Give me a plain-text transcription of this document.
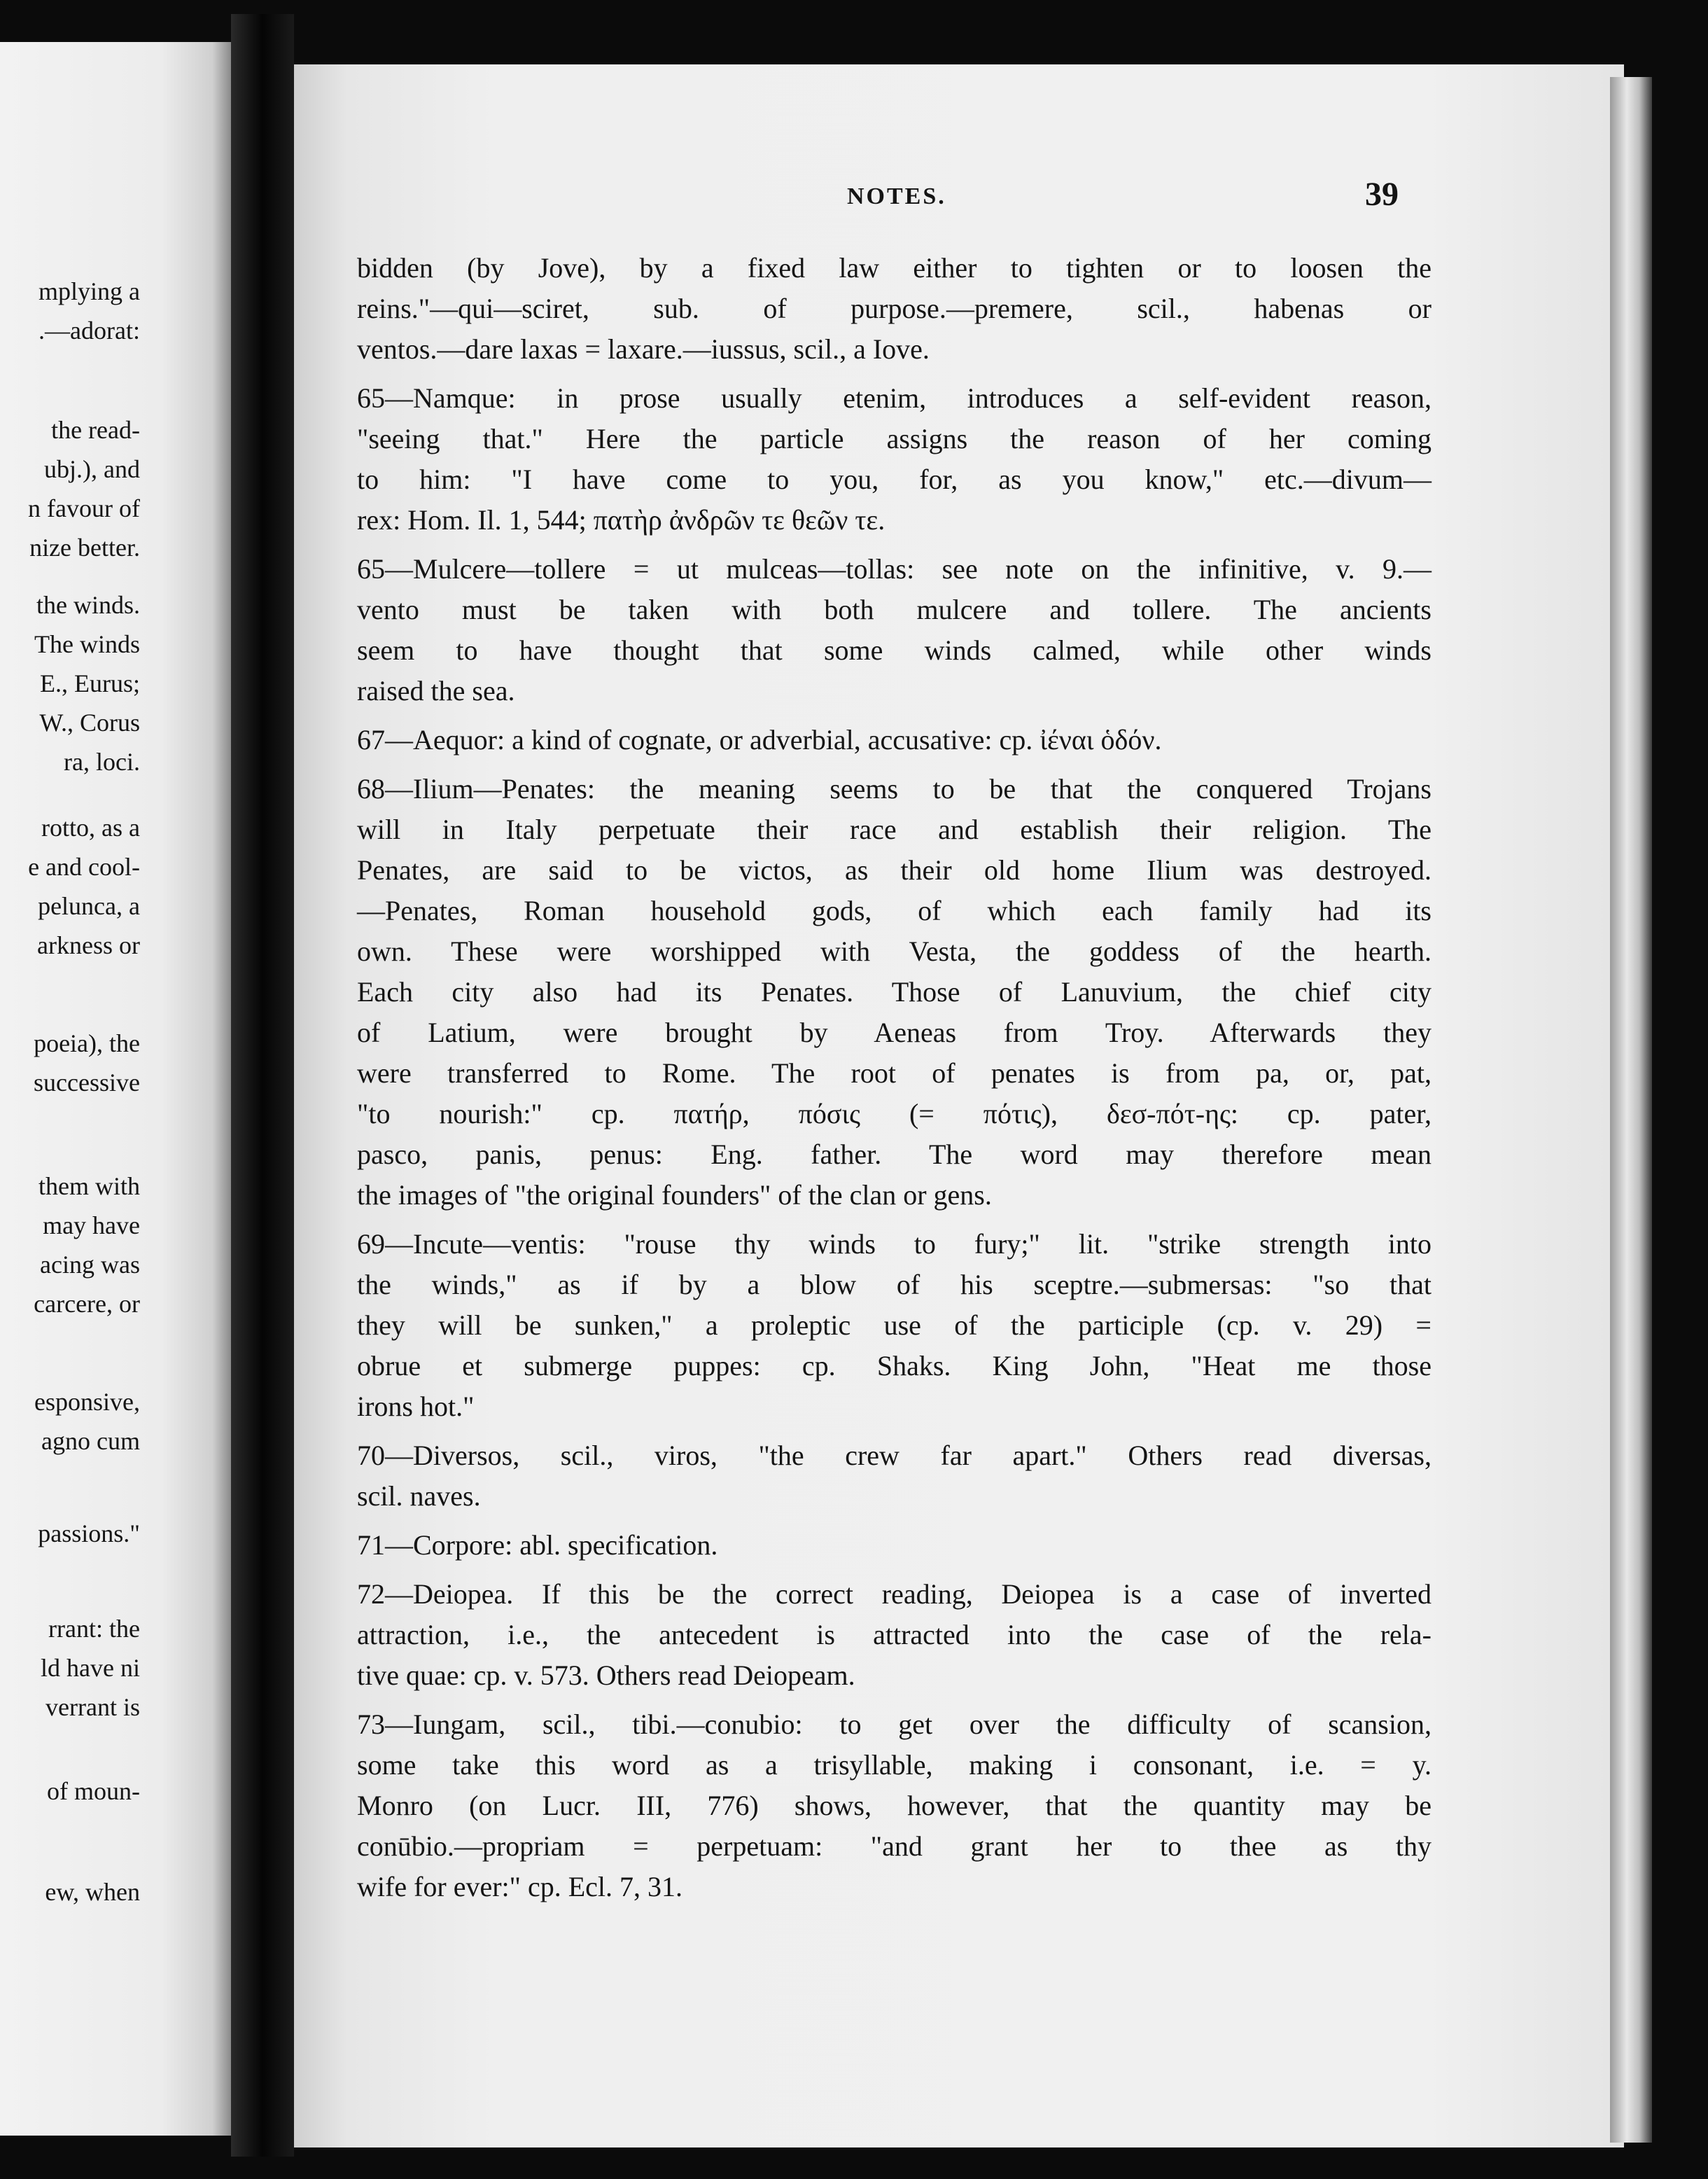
mplying a
.—adorat:
the read-
ubj.), and
n favour of
nize better.
the winds.
The winds
E., Eurus;
W., Corus
ra, loci.
rotto, as a
e and cool-
pelunca, a
arkness or
poeia), the
successive
them with
may have
acing was
carcere, or
esponsive,
agno cum
passions."
rrant: the
ld have ni
verrant is
of moun-
ew, when
NOTES.	39
bidden (by Jove), by a fixed law either to tighten or to loosen the
reins."—qui—sciret, sub. of purpose.—premere, scil., habenas or
ventos.—dare laxas = laxare.—iussus, scil., a Iove.
65—Namque: in prose usually etenim, introduces a self-evident reason,
"seeing that." Here the particle assigns the reason of her coming
to him: "I have come to you, for, as you know," etc.—divum—
rex: Hom. Il. 1, 544; πατὴρ ἀνδρῶν τε θεῶν τε.
65—Mulcere—tollere = ut mulceas—tollas: see note on the infinitive, v. 9.—
vento must be taken with both mulcere and tollere. The ancients
seem to have thought that some winds calmed, while other winds
raised the sea.
67—Aequor: a kind of cognate, or adverbial, accusative: cp. ἰέναι ὁδόν.
68—Ilium—Penates: the meaning seems to be that the conquered Trojans
will in Italy perpetuate their race and establish their religion. The
Penates, are said to be victos, as their old home Ilium was destroyed.
—Penates, Roman household gods, of which each family had its
own. These were worshipped with Vesta, the goddess of the hearth.
Each city also had its Penates. Those of Lanuvium, the chief city
of Latium, were brought by Aeneas from Troy. Afterwards they
were transferred to Rome. The root of penates is from pa, or, pat,
"to nourish:" cp. πατήρ, πόσις (= πότις), δεσ-πότ-ης: cp. pater,
pasco, panis, penus: Eng. father. The word may therefore mean
the images of "the original founders" of the clan or gens.
69—Incute—ventis: "rouse thy winds to fury;" lit. "strike strength into
the winds," as if by a blow of his sceptre.—submersas: "so that
they will be sunken," a proleptic use of the participle (cp. v. 29) =
obrue et submerge puppes: cp. Shaks. King John, "Heat me those
irons hot."
70—Diversos, scil., viros, "the crew far apart." Others read diversas,
scil. naves.
71—Corpore: abl. specification.
72—Deiopea. If this be the correct reading, Deiopea is a case of inverted
attraction, i.e., the antecedent is attracted into the case of the rela-
tive quae: cp. v. 573. Others read Deiopeam.
73—Iungam, scil., tibi.—conubio: to get over the difficulty of scansion,
some take this word as a trisyllable, making i consonant, i.e. = y.
Monro (on Lucr. III, 776) shows, however, that the quantity may be
conūbio.—propriam = perpetuam: "and grant her to thee as thy
wife for ever:" cp. Ecl. 7, 31.
